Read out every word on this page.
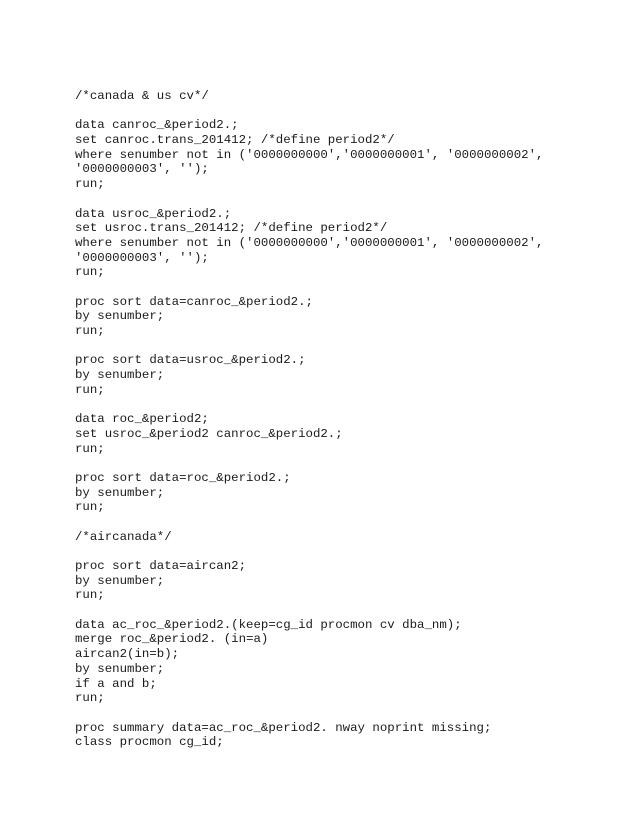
/*canada & us cv*/
data canroc_&period2.;
set canroc.trans_201412; /*define period2*/
where senumber not in ('0000000000','0000000001', '0000000002',
'0000000003', '');
run;
data usroc_&period2.;
set usroc.trans_201412; /*define period2*/
where senumber not in ('0000000000','0000000001', '0000000002',
'0000000003', '');
run;
proc sort data=canroc_&period2.;
by senumber;
run;
proc sort data=usroc_&period2.;
by senumber;
run;
data roc_&period2;
set usroc_&period2 canroc_&period2.;
run;
proc sort data=roc_&period2.;
by senumber;
run;
/*aircanada*/
proc sort data=aircan2;
by senumber;
run;
data ac_roc_&period2.(keep=cg_id procmon cv dba_nm);
merge roc_&period2. (in=a)
aircan2(in=b);
by senumber;
if a and b;
run;
proc summary data=ac_roc_&period2. nway noprint missing;
class procmon cg_id;
